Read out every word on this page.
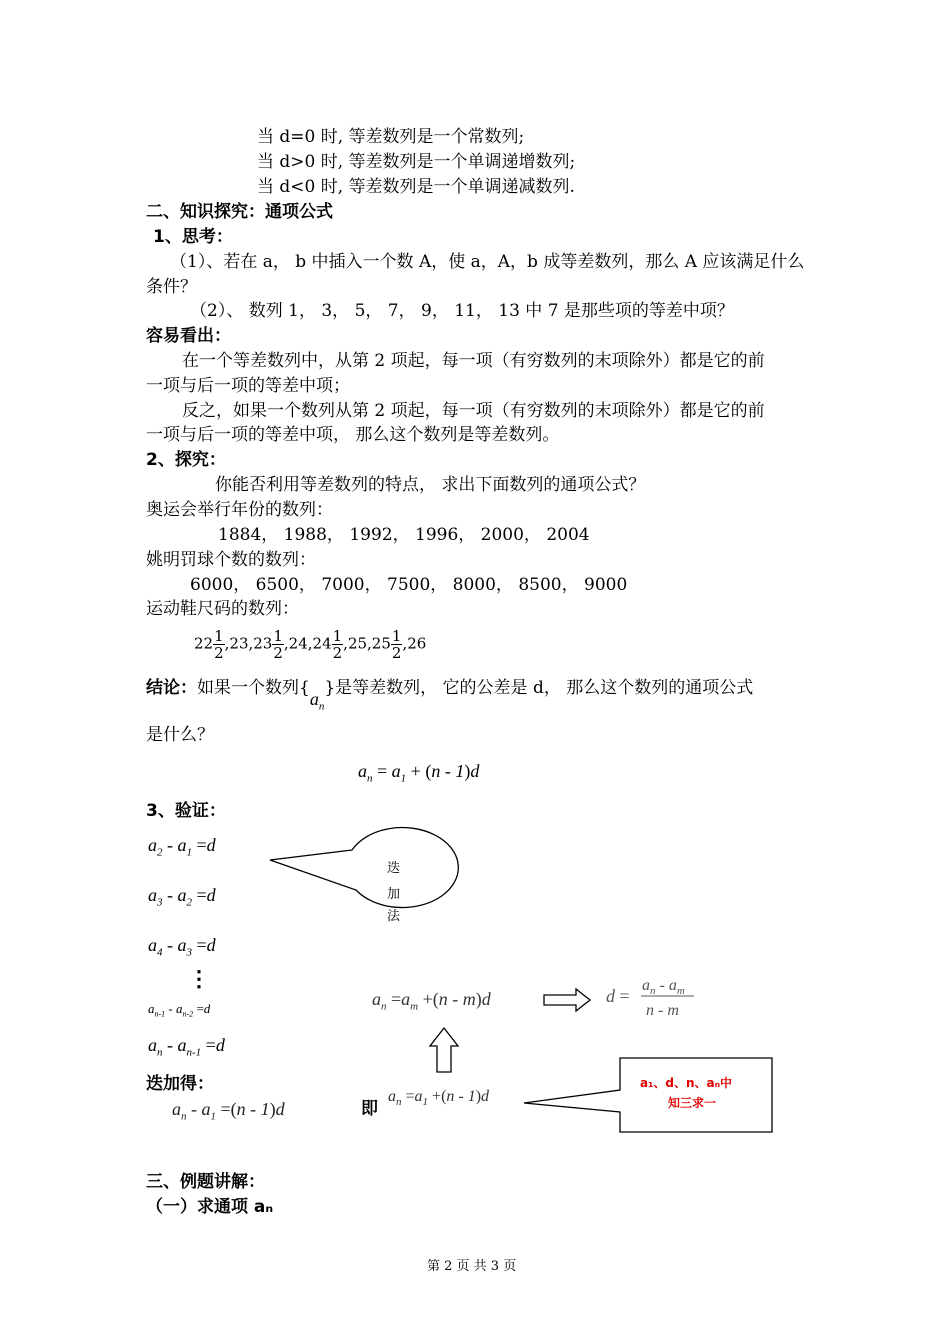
当 d=0 时, 等差数列是一个常数列;
当 d>0 时, 等差数列是一个单调递增数列;
当 d<0 时, 等差数列是一个单调递减数列.
二、知识探究：通项公式
1、思考：
（1）、若在 a， b 中插入一个数 A，使 a，A，b 成等差数列，那么 A 应该满足什么
条件？
（2）、 数列 1， 3， 5， 7， 9， 11， 13 中 7 是那些项的等差中项？
容易看出：
在一个等差数列中，从第 2 项起，每一项（有穷数列的末项除外）都是它的前
一项与后一项的等差中项；
反之，如果一个数列从第 2 项起，每一项（有穷数列的末项除外）都是它的前
一项与后一项的等差中项， 那么这个数列是等差数列。
2、探究：
你能否利用等差数列的特点， 求出下面数列的通项公式？
奥运会举行年份的数列：
1884， 1988， 1992， 1996， 2000， 2004
姚明罚球个数的数列：
6000， 6500， 7000， 7500， 8000， 8500， 9000
运动鞋尺码的数列：
$22 \frac{1}{2} ,23,23 \frac{1}{2} ,24,24 \frac{1}{2} ,25,25 \frac{1}{2} ,26$
结论：如果一个数列$\{a_n\}$是等差数列， 它的公差是 d， 那么这个数列的通项公式
是什么？
$a_n = a_1 + (n - 1)d$
3、验证：
$a_2 - a_1 =d$
$a_3 - a_2 =d$
$a_4 - a_3 =d$
⋮
$a_{n-1} - a_{n-2} =d$
$a_n - a_{n-1} =d$
迭加得：
$a_n - a_1 =(n - 1)d$
迭
加
法
$a_n =a_m +(n - m)d$	d =
$a_n - a_m$
n - m
即
$a_n =a_1 +(n - 1)d$
a₁、d、n、aₙ中
知三求一
三、例题讲解：
（一）求通项 aₙ
第 2 页 共 3 页
